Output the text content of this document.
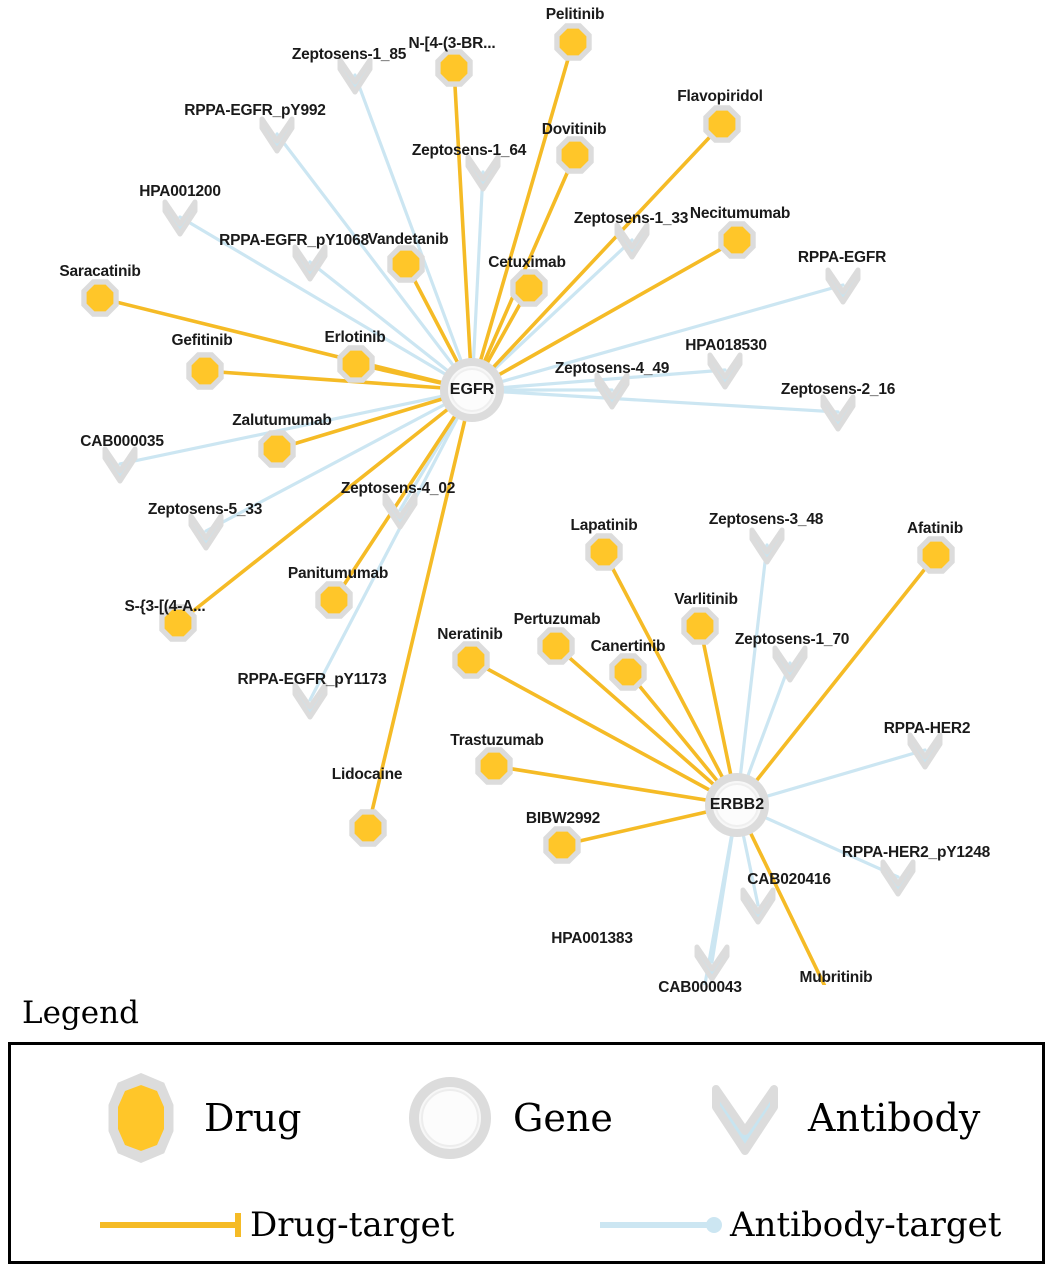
Pelitinib
N-[4-(3-BR...
Flavopiridol
Dovitinib
Necitumumab
Vandetanib
Cetuximab
Saracatinib
Gefitinib	Erlotinib
Zalutumumab
Afatinib
Lapatinib
Varlitinib
Panitumumab
S-{3-[(4-A...
Pertuzumab
Neratinib
Canertinib
Trastuzumab
Lidocaine
BIBW2992
Mubritinib
Zeptosens-1_85
RPPA-EGFR_pY992
Zeptosens-1_64
HPA001200
Zeptosens-1_33
RPPA-EGFR_pY1068
RPPA-EGFR
HPA018530
Zeptosens-4_49
Zeptosens-2_16
CAB000035
Zeptosens-4_02
Zeptosens-5_33
Zeptosens-3_48
Zeptosens-1_70
RPPA-EGFR_pY1173
RPPA-HER2
RPPA-HER2_pY1248
CAB020416
HPA001383
CAB000043
EGFR
ERBB2
Legend
Drug	Gene	Antibody
Drug-target	Antibody-target
